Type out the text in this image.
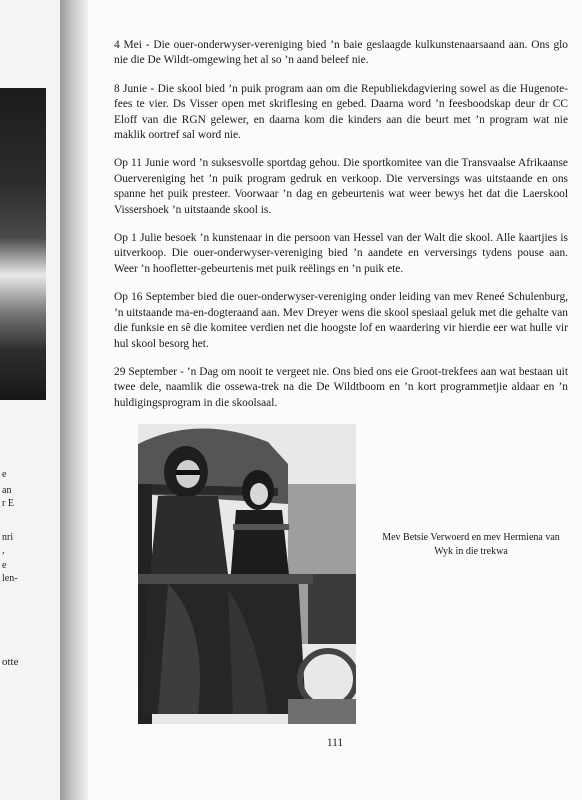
e
an
r E
nri
,
e
len-
otte

4 Mei - Die ouer-onderwyser-vereniging bied ’n baie geslaagde kulkunstenaarsaand aan. Ons glo nie die De Wildt-omgewing het al so ’n aand beleef nie.

8 Junie - Die skool bied ’n puik program aan om die Republiekdagviering sowel as die Hugenote-fees te vier. Ds Visser open met skriflesing en gebed. Daarna word ’n feesboodskap deur dr CC Eloff van die RGN gelewer, en daarna kom die kinders aan die beurt met ’n program wat nie maklik oortref sal word nie.

Op 11 Junie word ’n suksesvolle sportdag gehou. Die sportkomitee van die Transvaalse Afrikaanse Ouervereniging het ’n puik program gedruk en verkoop. Die verversings was uitstaande en ons spanne het puik presteer. Voorwaar ’n dag en gebeurtenis wat weer bewys het dat die Laerskool Vissershoek ’n uitstaande skool is.

Op 1 Julie besoek ’n kunstenaar in die persoon van Hessel van der Walt die skool. Alle kaartjies is uitverkoop. Die ouer-onderwyser-vereniging bied ’n aandete en verversings tydens pouse aan. Weer ’n hoofletter-gebeurtenis met puik reëlings en ’n puik ete.

Op 16 September bied die ouer-onderwyser-vereniging onder leiding van mev Reneé Schulenburg, ’n uitstaande ma-en-dogteraand aan. Mev Dreyer wens die skool spesiaal geluk met die gehalte van die funksie en sê die komitee verdien net die hoogste lof en waardering vir hierdie eer wat hulle vir hul skool besorg het.

29 September - ’n Dag om nooit te vergeet nie. Ons bied ons eie Groot-trekfees aan wat bestaan uit twee dele, naamlik die ossewa-trek na die De Wildtboom en ’n kort programmetjie aldaar en ’n huldigingsprogram in die skoolsaal.

Mev Betsie Verwoerd en mev Hermiena van Wyk in die trekwa
111
